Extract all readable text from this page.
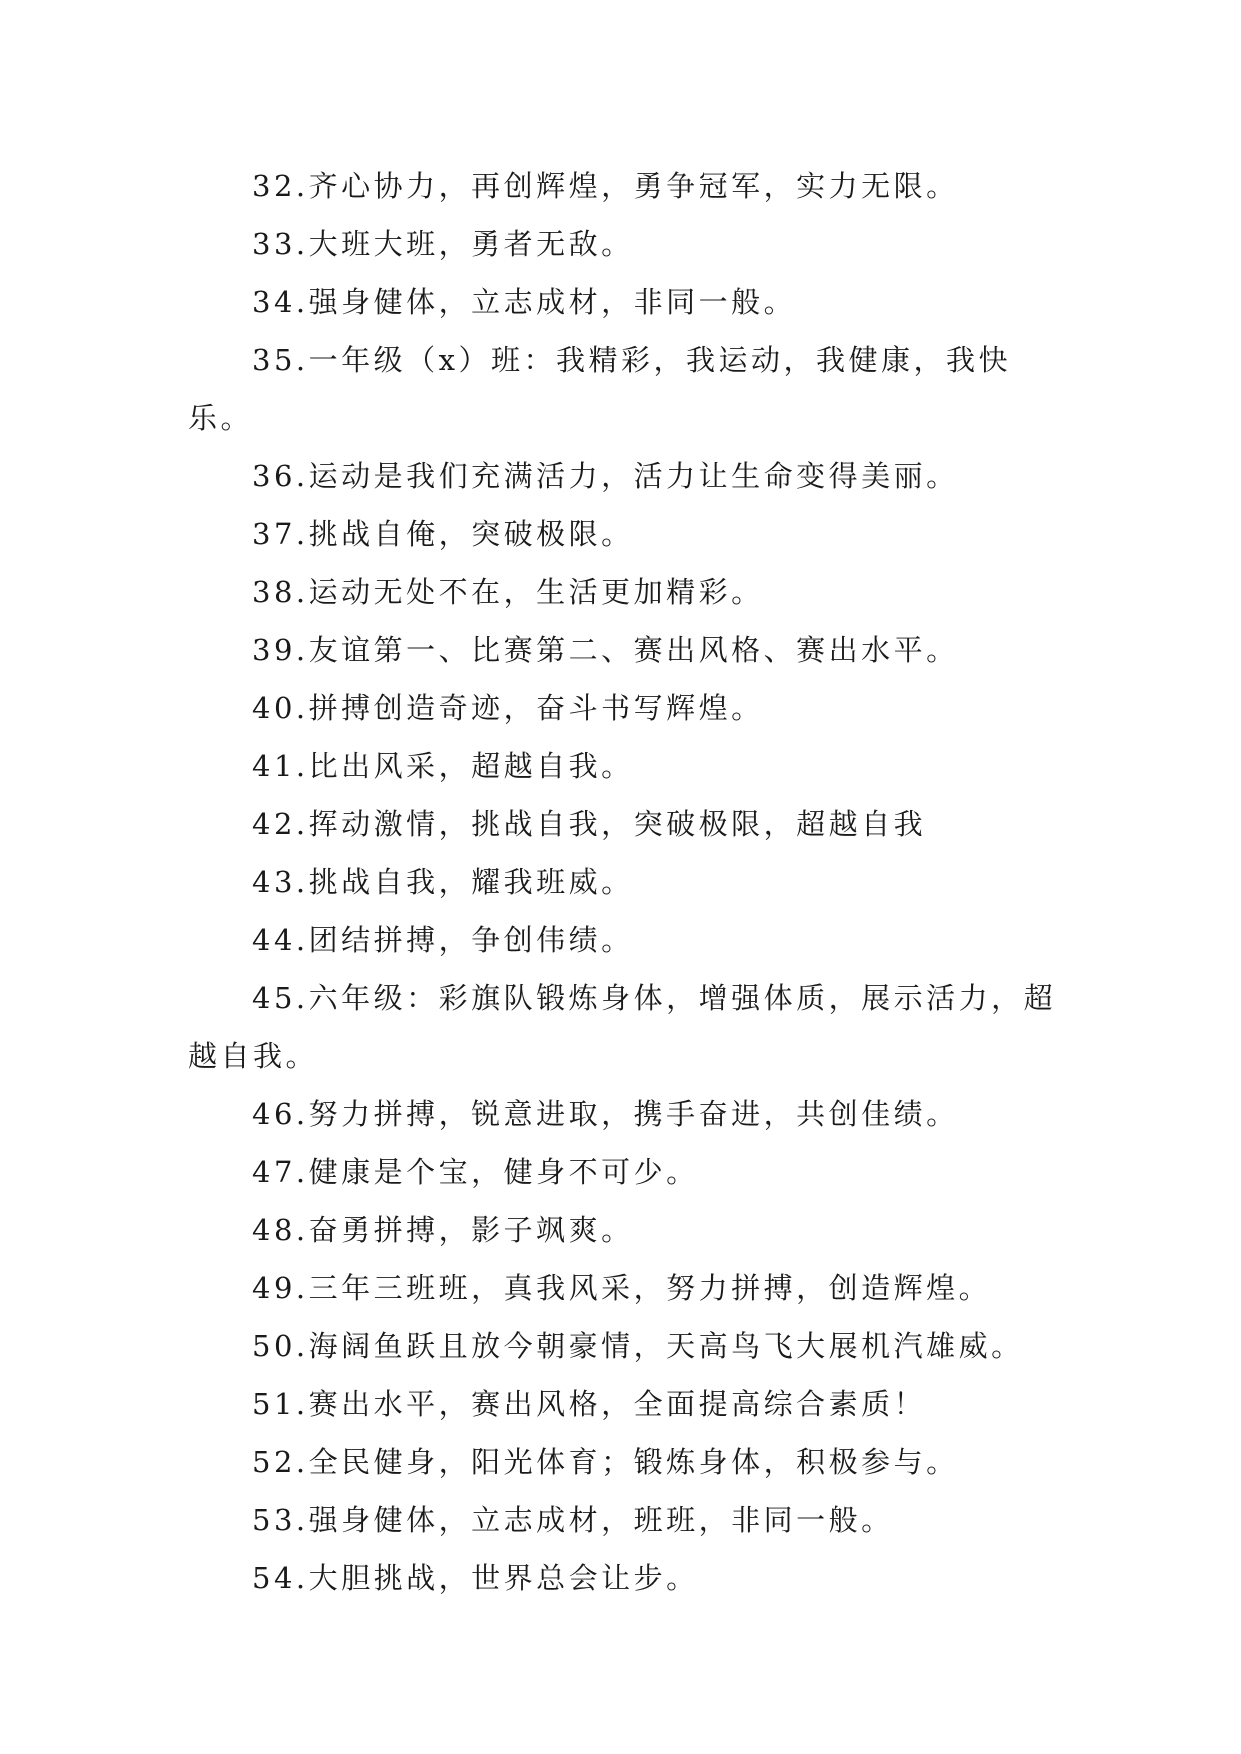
32.齐心协力，再创辉煌，勇争冠军，实力无限。

33.大班大班，勇者无敌。

34.强身健体，立志成材，非同一般。

35.一年级（x）班：我精彩，我运动，我健康，我快乐。

36.运动是我们充满活力，活力让生命变得美丽。

37.挑战自俺，突破极限。

38.运动无处不在，生活更加精彩。

39.友谊第一、比赛第二、赛出风格、赛出水平。

40.拼搏创造奇迹，奋斗书写辉煌。

41.比出风采，超越自我。

42.挥动激情，挑战自我，突破极限，超越自我

43.挑战自我，耀我班威。

44.团结拼搏，争创伟绩。

45.六年级：彩旗队锻炼身体，增强体质，展示活力，超越自我。

46.努力拼搏，锐意进取，携手奋进，共创佳绩。

47.健康是个宝，健身不可少。

48.奋勇拼搏，影子飒爽。

49.三年三班班，真我风采，努力拼搏，创造辉煌。

50.海阔鱼跃且放今朝豪情，天高鸟飞大展机汽雄威。

51.赛出水平，赛出风格，全面提高综合素质！

52.全民健身，阳光体育；锻炼身体，积极参与。

53.强身健体，立志成材，班班，非同一般。

54.大胆挑战，世界总会让步。
